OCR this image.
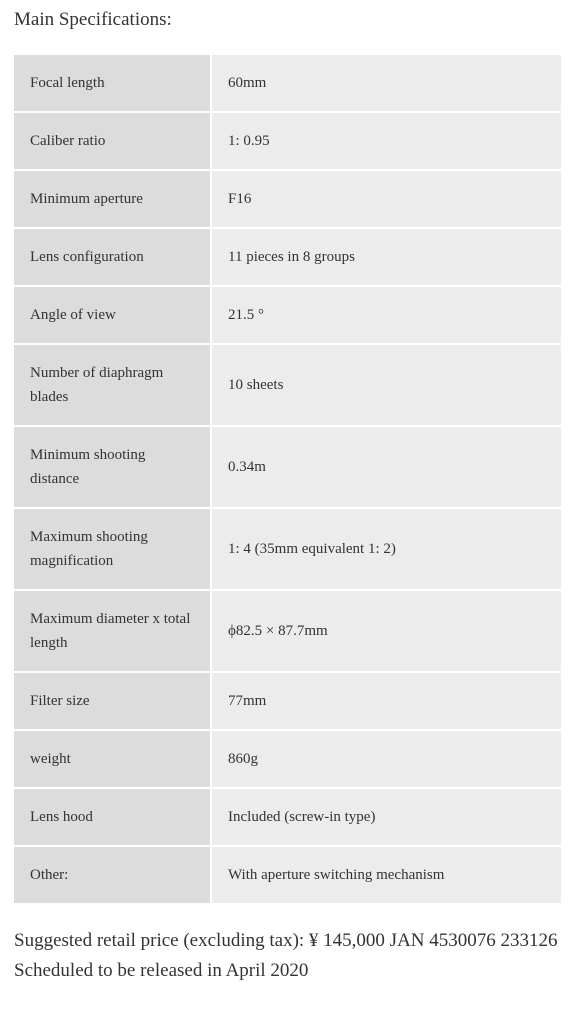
Main Specifications:
Focal length	60mm
Caliber ratio	1: 0.95
Minimum aperture	F16
Lens configuration	11 pieces in 8 groups
Angle of view	21.5 °
Number of diaphragm blades	10 sheets
Minimum shooting distance	0.34m
Maximum shooting magnification	1: 4 (35mm equivalent 1: 2)
Maximum diameter x total length	ϕ82.5 × 87.7mm
Filter size	77mm
weight	860g
Lens hood	Included (screw-in type)
Other:	With aperture switching mechanism

Suggested retail price (excluding tax): ¥ 145,000 JAN 4530076 233126

Scheduled to be released in April 2020
